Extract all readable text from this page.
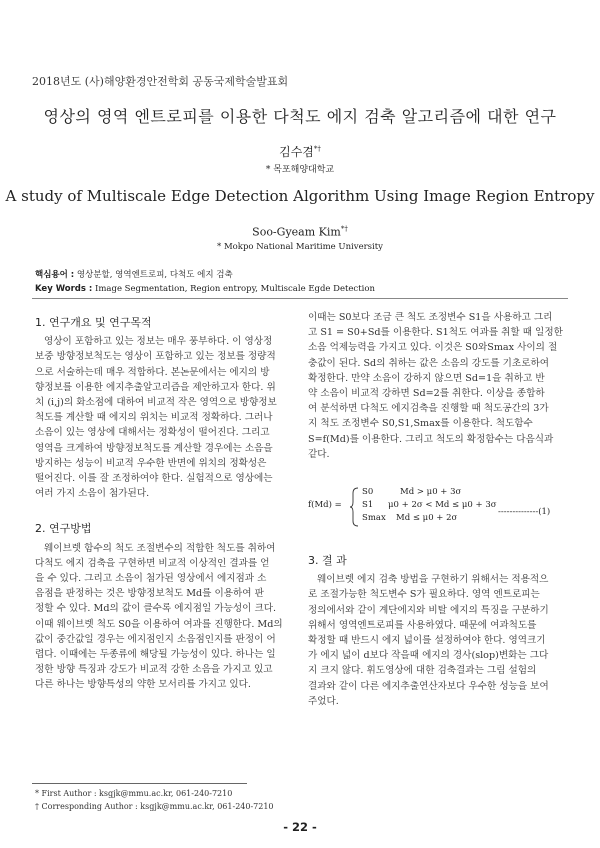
2018년도 (사)해양환경안전학회 공동국제학술발표회
영상의 영역 엔트로피를 이용한 다척도 에지 검축 알고리즘에 대한 연구
김수겸*†
* 목포해양대학교
A study of Multiscale Edge Detection Algorithm Using Image Region Entropy
Soo-Gyeam Kim*†
* Mokpo National Maritime University
핵심용어 : 영상분할, 영역엔트로피, 다척도 에지 검축
Key Words : Image Segmentation, Region entropy, Multiscale Egde Detection
1. 연구개요 및 연구목적
영상이 포함하고 있는 정보는 매우 풍부하다. 이 영상정
보중 방향정보척도는 영상이 포함하고 있는 정보를 정량적
으로 서술하는데 매우 적합하다. 본논문에서는 에지의 방
향정보를 이용한 에지추출알고리즘을 제안하고자 한다. 위
치 (i,j)의 화소점에 대하여 비교적 작은 영역으로 방향정보
척도를 계산할 때 에지의 위치는 비교적 정확하다. 그러나
소음이 있는 영상에 대해서는 정확성이 떨어진다. 그리고
영역을 크게하여 방향정보척도를 계산할 경우에는 소음을
방지하는 성능이 비교적 우수한 반면에 위치의 정확성은
떨어진다. 이를 잘 조정하여야 한다. 실험적으로 영상에는
여러 가지 소음이 첨가된다.
2. 연구방법
웨이브렛 함수의 척도 조절변수의 적합한 척도를 취하여
다척도 에지 검축을 구현하면 비교적 이상적인 결과를 얻
을 수 있다. 그리고 소음이 첨가된 영상에서 에지점과 소
음점을 판정하는 것은 방향정보척도 Md를 이용하여 판
정할 수 있다. Md의 값이 클수록 에지점일 가능성이 크다.
이때 웨이브렛 척도 S0을 이용하여 여과를 진행한다. Md의
값이 중간값일 경우는 에지점인지 소음점인지를 판정이 어
렵다. 이때에는 두종류에 해당될 가능성이 있다. 하나는 일
정한 방향 특징과 강도가 비교적 강한 소음을 가지고 있고
다른 하나는 방향특성의 약한 모서리를 가지고 있다.
이때는 S0보다 조금 큰 척도 조정변수 S1을 사용하고 그리
고 S1 = S0+Sd를 이용한다. S1척도 여과를 취할 때 일정한
소음 억제능력을 가지고 있다. 이것은 S0와Smax 사이의 절
충값이 된다. Sd의 취하는 값은 소음의 강도를 기초로하여
확정한다. 만약 소음이 강하지 않으면 Sd=1을 취하고 반
약 소음이 비교적 강하면 Sd=2를 취한다. 이상을 종합하
여 분석하면 다척도 에지검축을 진행할 때 척도공간의 3가
지 척도 조정변수 S0,S1,Smax를 이용한다. 척도함수
S=f(Md)를 이용한다. 그리고 척도의 확정함수는 다음식과
같다.
f(Md) =
S0	Md > μ0 + 3σ
S1 μ0 + 2σ < Md ≤ μ0 + 3σ
Smax Md ≤ μ0 + 2σ
--------------(1)
3. 결 과
웨이브렛 에지 검축 방법을 구현하기 위해서는 적용적으
로 조절가능한 척도변수 S가 필요하다. 영역 엔트로피는
정의에서와 같이 계단에지와 비탈 에지의 특징을 구분하기
위해서 영역엔트로피를 사용하였다. 때문에 여과척도를
확정할 때 반드시 에지 넓이를 설정하여야 한다. 영역크기
가 에지 넓이 d보다 작을때 에지의 경사(slop)변화는 그다
지 크지 않다. 휘도영상에 대한 검축결과는 그림 설험의
결과와 같이 다른 에지추출연산자보다 우수한 성능을 보여
주었다.
* First Author : ksgjk@mmu.ac.kr, 061-240-7210
† Corresponding Author : ksgjk@mmu.ac.kr, 061-240-7210
- 22 -
